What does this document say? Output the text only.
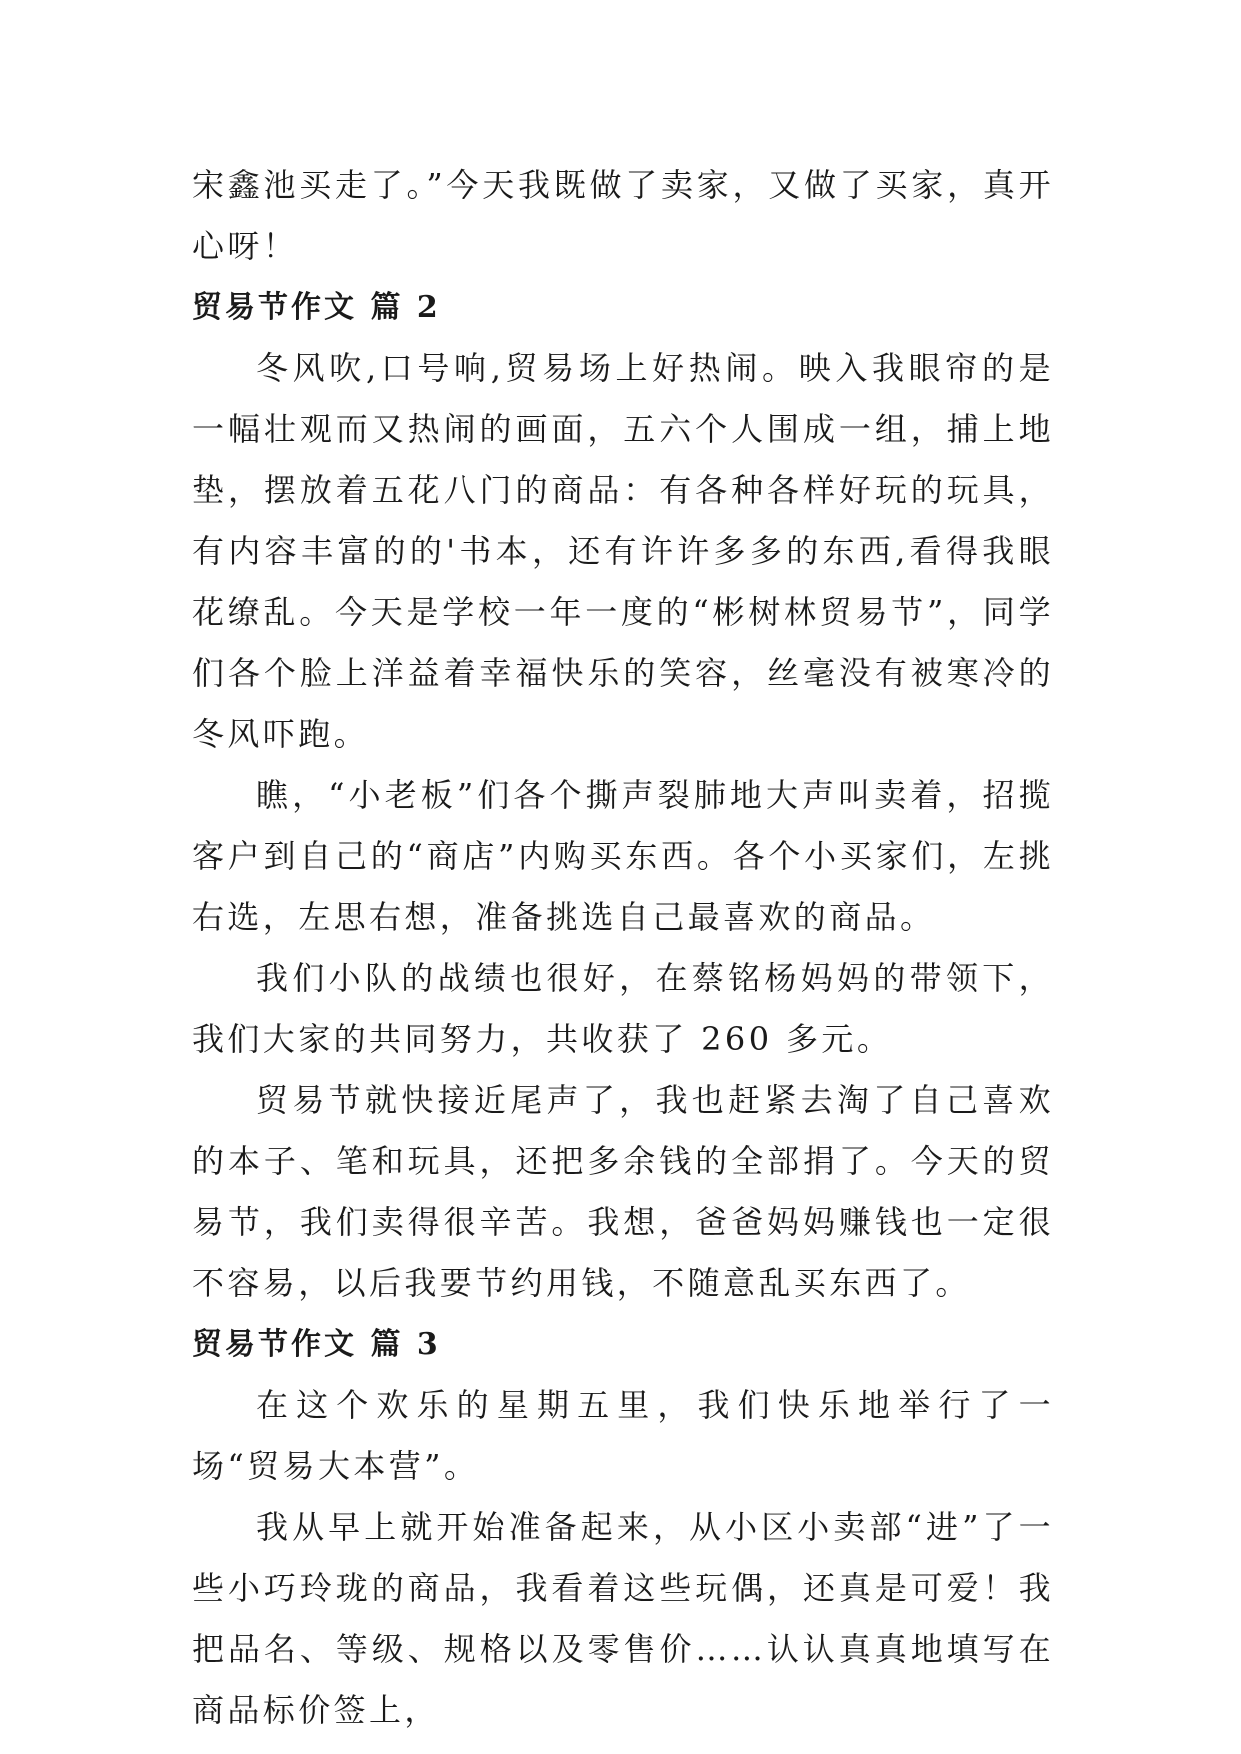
宋鑫池买走了。”今天我既做了卖家，又做了买家，真开心呀！

贸易节作文 篇 2

冬风吹,口号响,贸易场上好热闹。映入我眼帘的是一幅壮观而又热闹的画面，五六个人围成一组，捕上地垫，摆放着五花八门的商品：有各种各样好玩的玩具，有内容丰富的的'书本，还有许许多多的东西,看得我眼花缭乱。今天是学校一年一度的“彬树林贸易节”，同学们各个脸上洋益着幸福快乐的笑容，丝毫没有被寒冷的冬风吓跑。

瞧，“小老板”们各个撕声裂肺地大声叫卖着，招揽客户到自己的“商店”内购买东西。各个小买家们，左挑右选，左思右想，准备挑选自己最喜欢的商品。

我们小队的战绩也很好，在蔡铭杨妈妈的带领下，我们大家的共同努力，共收获了 260 多元。

贸易节就快接近尾声了，我也赶紧去淘了自己喜欢的本子、笔和玩具，还把多余钱的全部捐了。今天的贸易节，我们卖得很辛苦。我想，爸爸妈妈赚钱也一定很不容易，以后我要节约用钱，不随意乱买东西了。

贸易节作文 篇 3

在这个欢乐的星期五里，我们快乐地举行了一场“贸易大本营”。

我从早上就开始准备起来，从小区小卖部“进”了一些小巧玲珑的商品，我看着这些玩偶，还真是可爱！我把品名、等级、规格以及零售价……认认真真地填写在商品标价签上，
